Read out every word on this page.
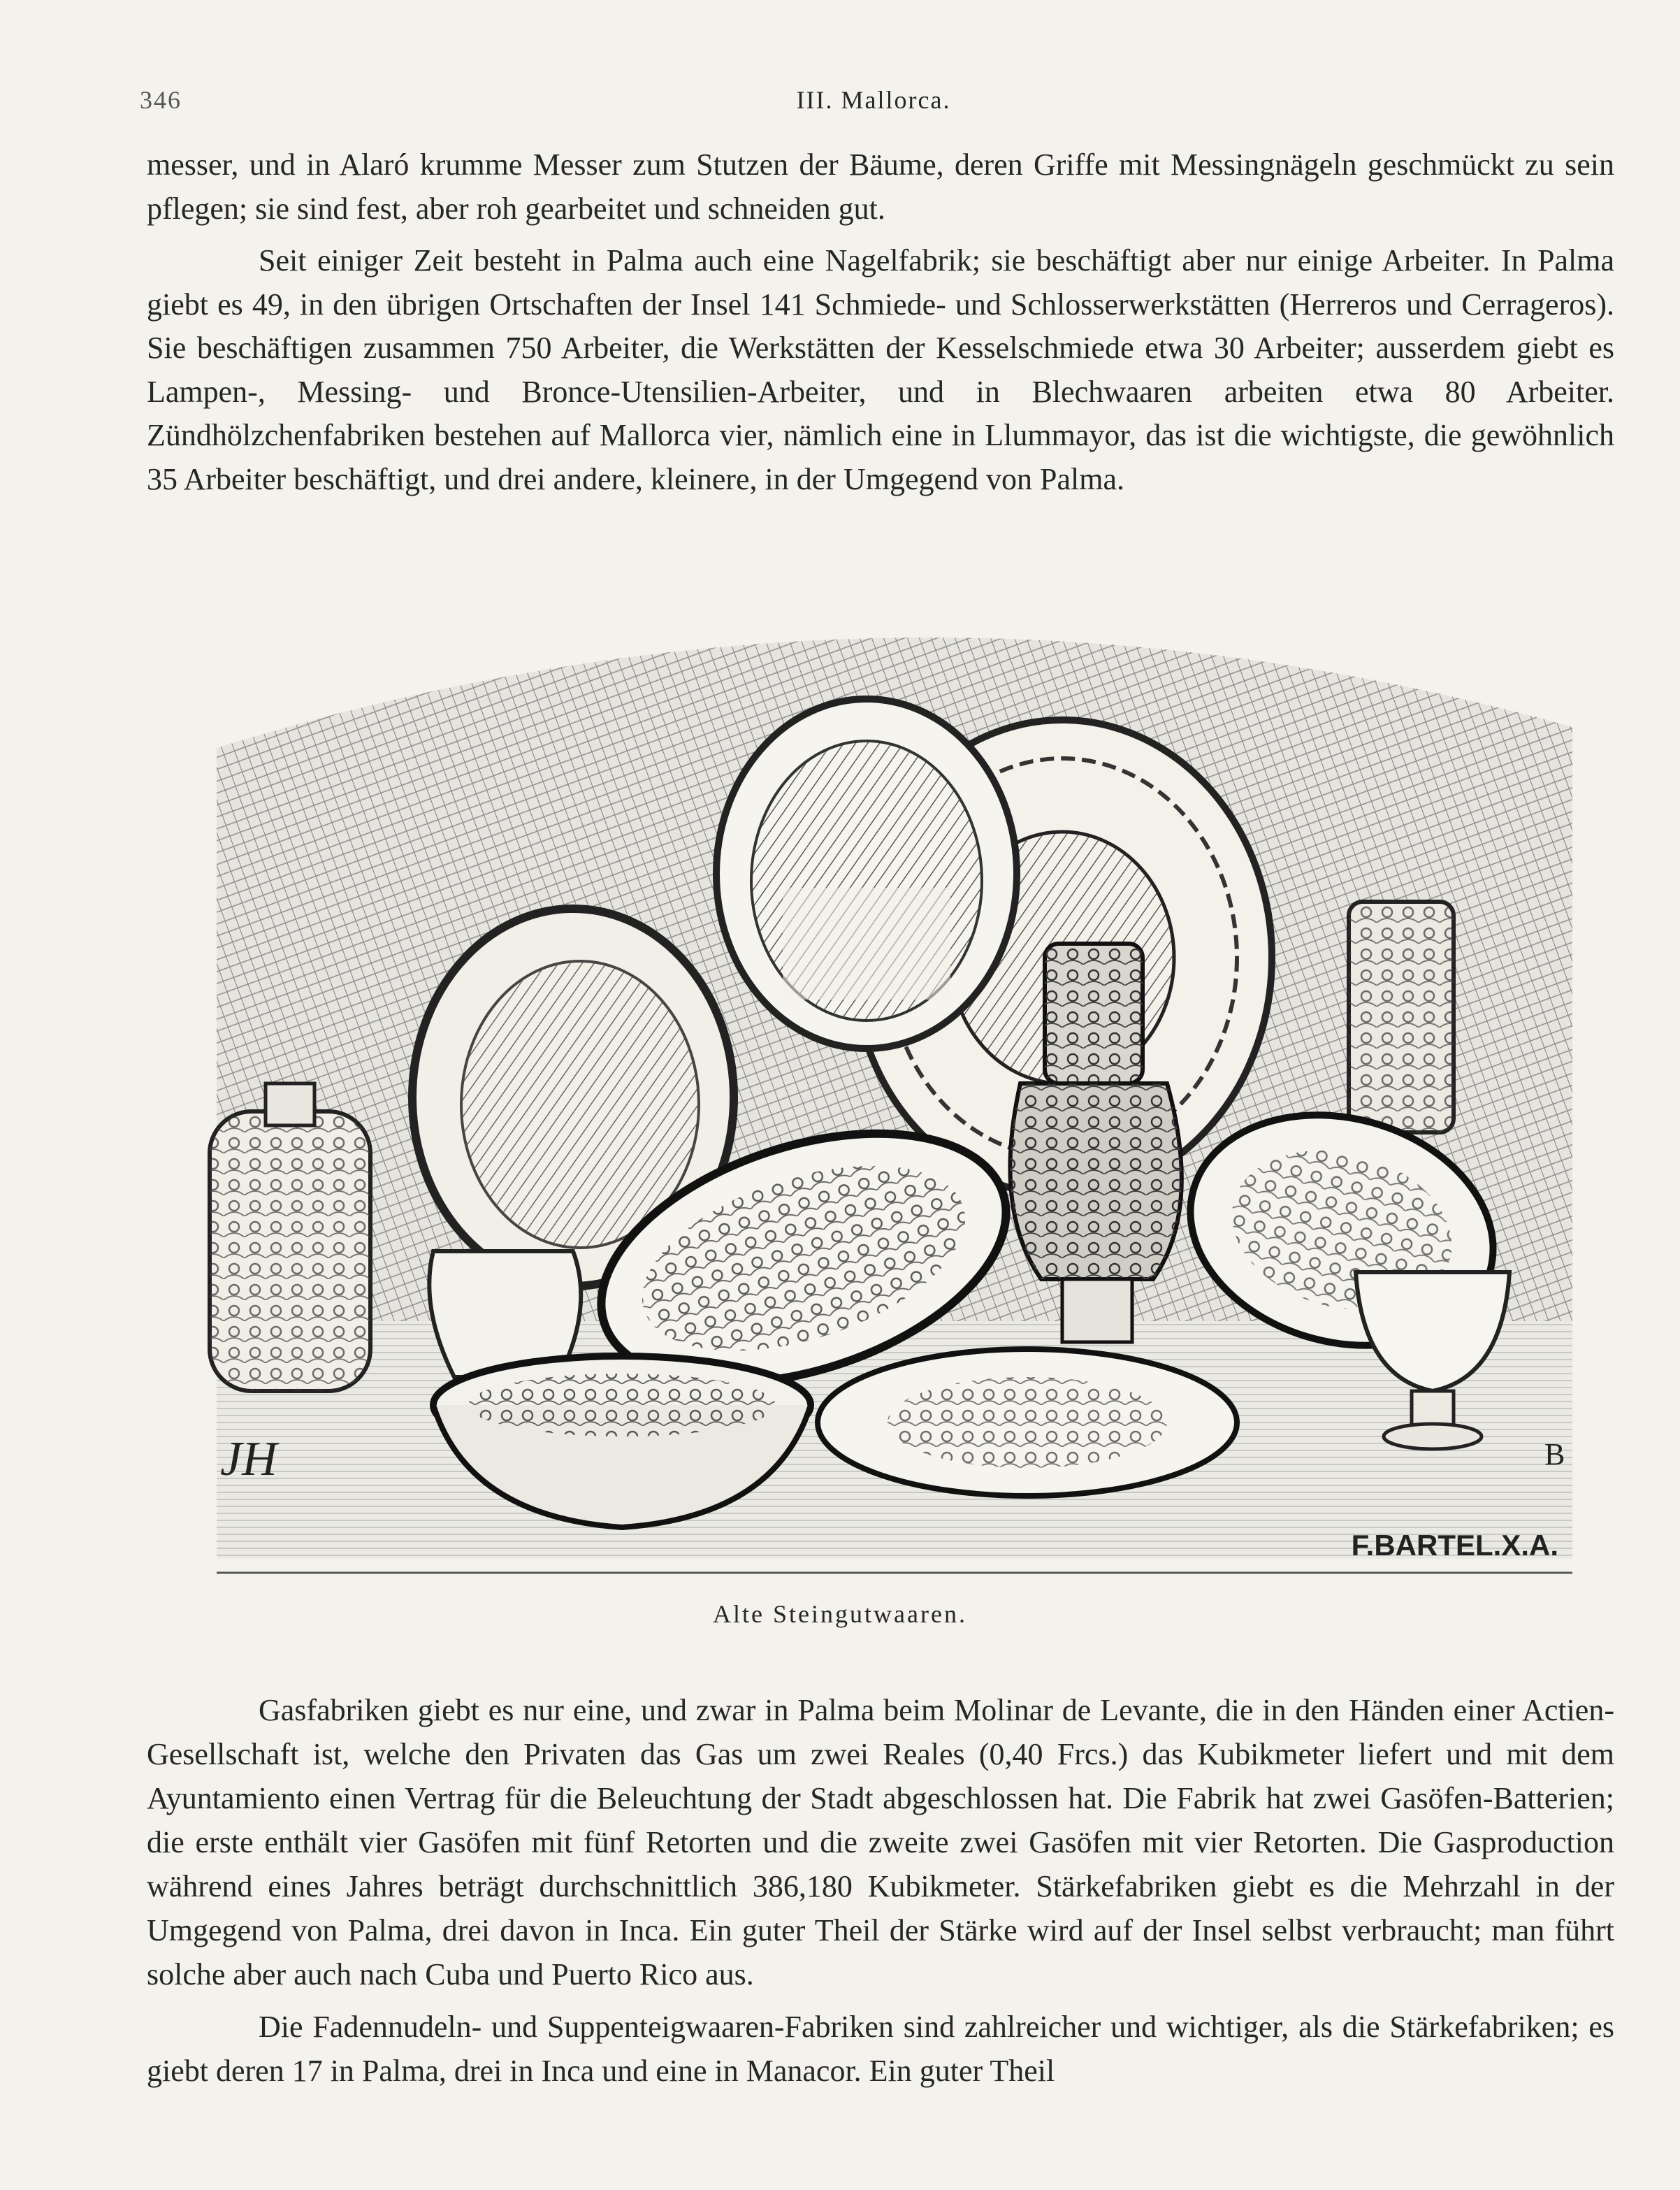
346	III. Mallorca.

messer, und in Alaró krumme Messer zum Stutzen der Bäume, deren Griffe mit Messingnägeln geschmückt zu sein pflegen; sie sind fest, aber roh gearbeitet und schneiden gut.

Seit einiger Zeit besteht in Palma auch eine Nagelfabrik; sie beschäftigt aber nur einige Arbeiter. In Palma giebt es 49, in den übrigen Ortschaften der Insel 141 Schmiede- und Schlosserwerkstätten (Herreros und Cerrageros). Sie beschäftigen zusammen 750 Arbeiter, die Werkstätten der Kesselschmiede etwa 30 Arbeiter; ausserdem giebt es Lampen-, Messing- und Bronce-Utensilien-Arbeiter, und in Blechwaaren arbeiten etwa 80 Arbeiter. Zündhölzchenfabriken bestehen auf Mallorca vier, nämlich eine in Llummayor, das ist die wichtigste, die gewöhnlich 35 Arbeiter beschäftigt, und drei andere, kleinere, in der Umgegend von Palma.

JH	B
F.BARTEL.X.A.
Alte Steingutwaaren.

Gasfabriken giebt es nur eine, und zwar in Palma beim Molinar de Levante, die in den Händen einer Actien-Gesellschaft ist, welche den Privaten das Gas um zwei Reales (0,40 Frcs.) das Kubikmeter liefert und mit dem Ayuntamiento einen Vertrag für die Beleuchtung der Stadt abgeschlossen hat. Die Fabrik hat zwei Gasöfen-Batterien; die erste enthält vier Gasöfen mit fünf Retorten und die zweite zwei Gasöfen mit vier Retorten. Die Gasproduction während eines Jahres beträgt durchschnittlich 386,180 Kubikmeter. Stärkefabriken giebt es die Mehrzahl in der Umgegend von Palma, drei davon in Inca. Ein guter Theil der Stärke wird auf der Insel selbst verbraucht; man führt solche aber auch nach Cuba und Puerto Rico aus.

Die Fadennudeln- und Suppenteigwaaren-Fabriken sind zahlreicher und wichtiger, als die Stärkefabriken; es giebt deren 17 in Palma, drei in Inca und eine in Manacor. Ein guter Theil
